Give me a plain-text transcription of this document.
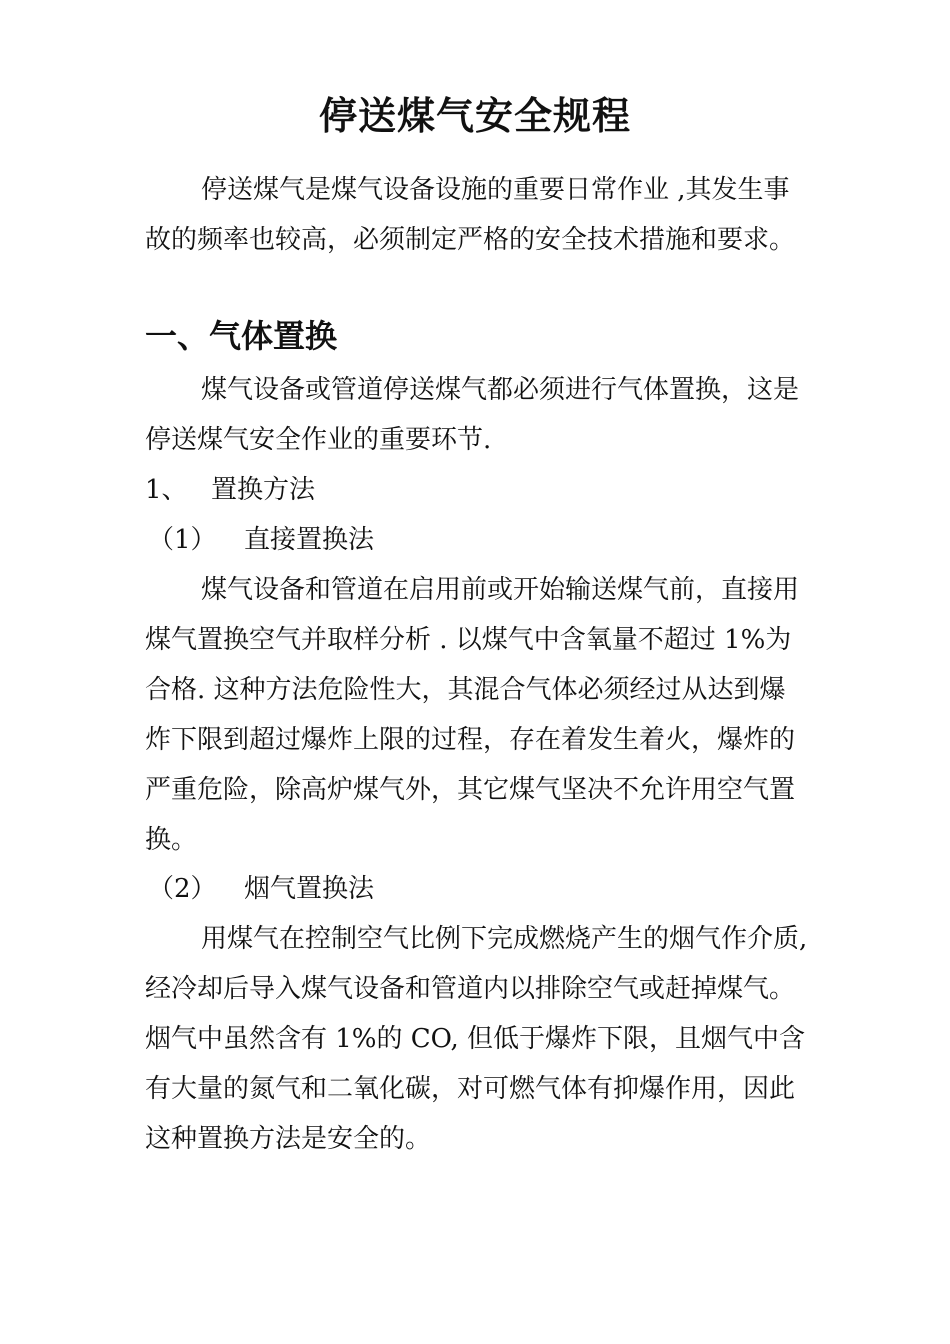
停送煤气安全规程

停送煤气是煤气设备设施的重要日常作业 ,其发生事故的频率也较高，必须制定严格的安全技术措施和要求。

一、气体置换

煤气设备或管道停送煤气都必须进行气体置换，这是停送煤气安全作业的重要环节.

1、 置换方法

（1） 直接置换法

煤气设备和管道在启用前或开始输送煤气前，直接用煤气置换空气并取样分析 . 以煤气中含氧量不超过 1%为合格. 这种方法危险性大，其混合气体必须经过从达到爆炸下限到超过爆炸上限的过程，存在着发生着火，爆炸的严重危险，除高炉煤气外，其它煤气坚决不允许用空气置换。

（2） 烟气置换法

用煤气在控制空气比例下完成燃烧产生的烟气作介质, 经冷却后导入煤气设备和管道内以排除空气或赶掉煤气。烟气中虽然含有 1%的 CO, 但低于爆炸下限，且烟气中含有大量的氮气和二氧化碳，对可燃气体有抑爆作用，因此这种置换方法是安全的。
